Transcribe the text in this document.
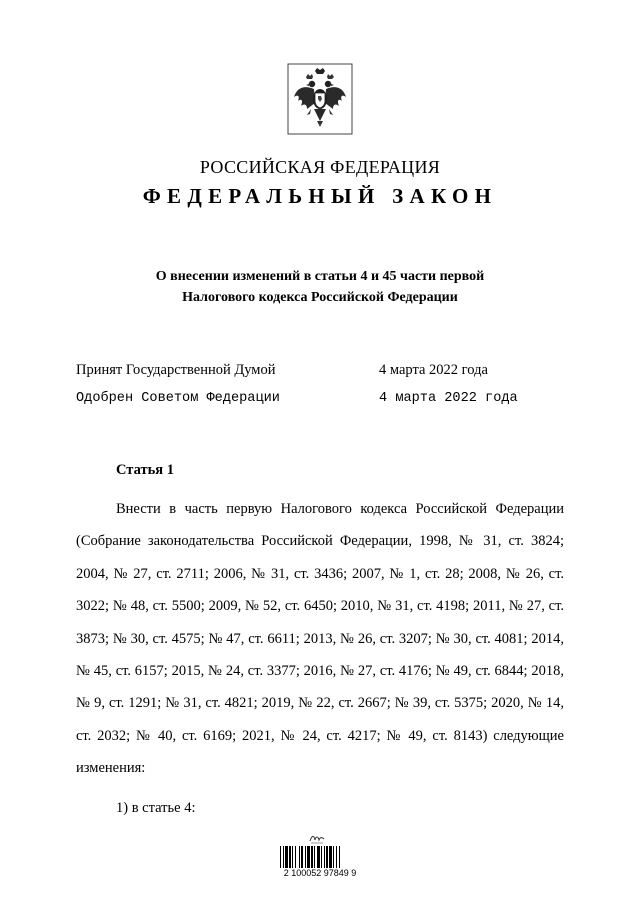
РОССИЙСКАЯ ФЕДЕРАЦИЯ
ФЕДЕРАЛЬНЫЙ ЗАКОН
О внесении изменений в статьи 4 и 45 части первой
Налогового кодекса Российской Федерации
Принят Государственной Думой	4 марта 2022 года
Одобрен Советом Федерации	4 марта 2022 года
Статья 1

Внести в часть первую Налогового кодекса Российской Федерации (Собрание законодательства Российской Федерации, 1998, № 31, ст. 3824; 2004, № 27, ст. 2711; 2006, № 31, ст. 3436; 2007, № 1, ст. 28; 2008, № 26, ст. 3022; № 48, ст. 5500; 2009, № 52, ст. 6450; 2010, № 31, ст. 4198; 2011, № 27, ст. 3873; № 30, ст. 4575; № 47, ст. 6611; 2013, № 26, ст. 3207; № 30, ст. 4081; 2014, № 45, ст. 6157; 2015, № 24, ст. 3377; 2016, № 27, ст. 4176; № 49, ст. 6844; 2018, № 9, ст. 1291; № 31, ст. 4821; 2019, № 22, ст. 2667; № 39, ст. 5375; 2020, № 14, ст. 2032; № 40, ст. 6169; 2021, № 24, ст. 4217; № 49, ст. 8143) следующие изменения:

1) в статье 4:
2 100052 97849 9
